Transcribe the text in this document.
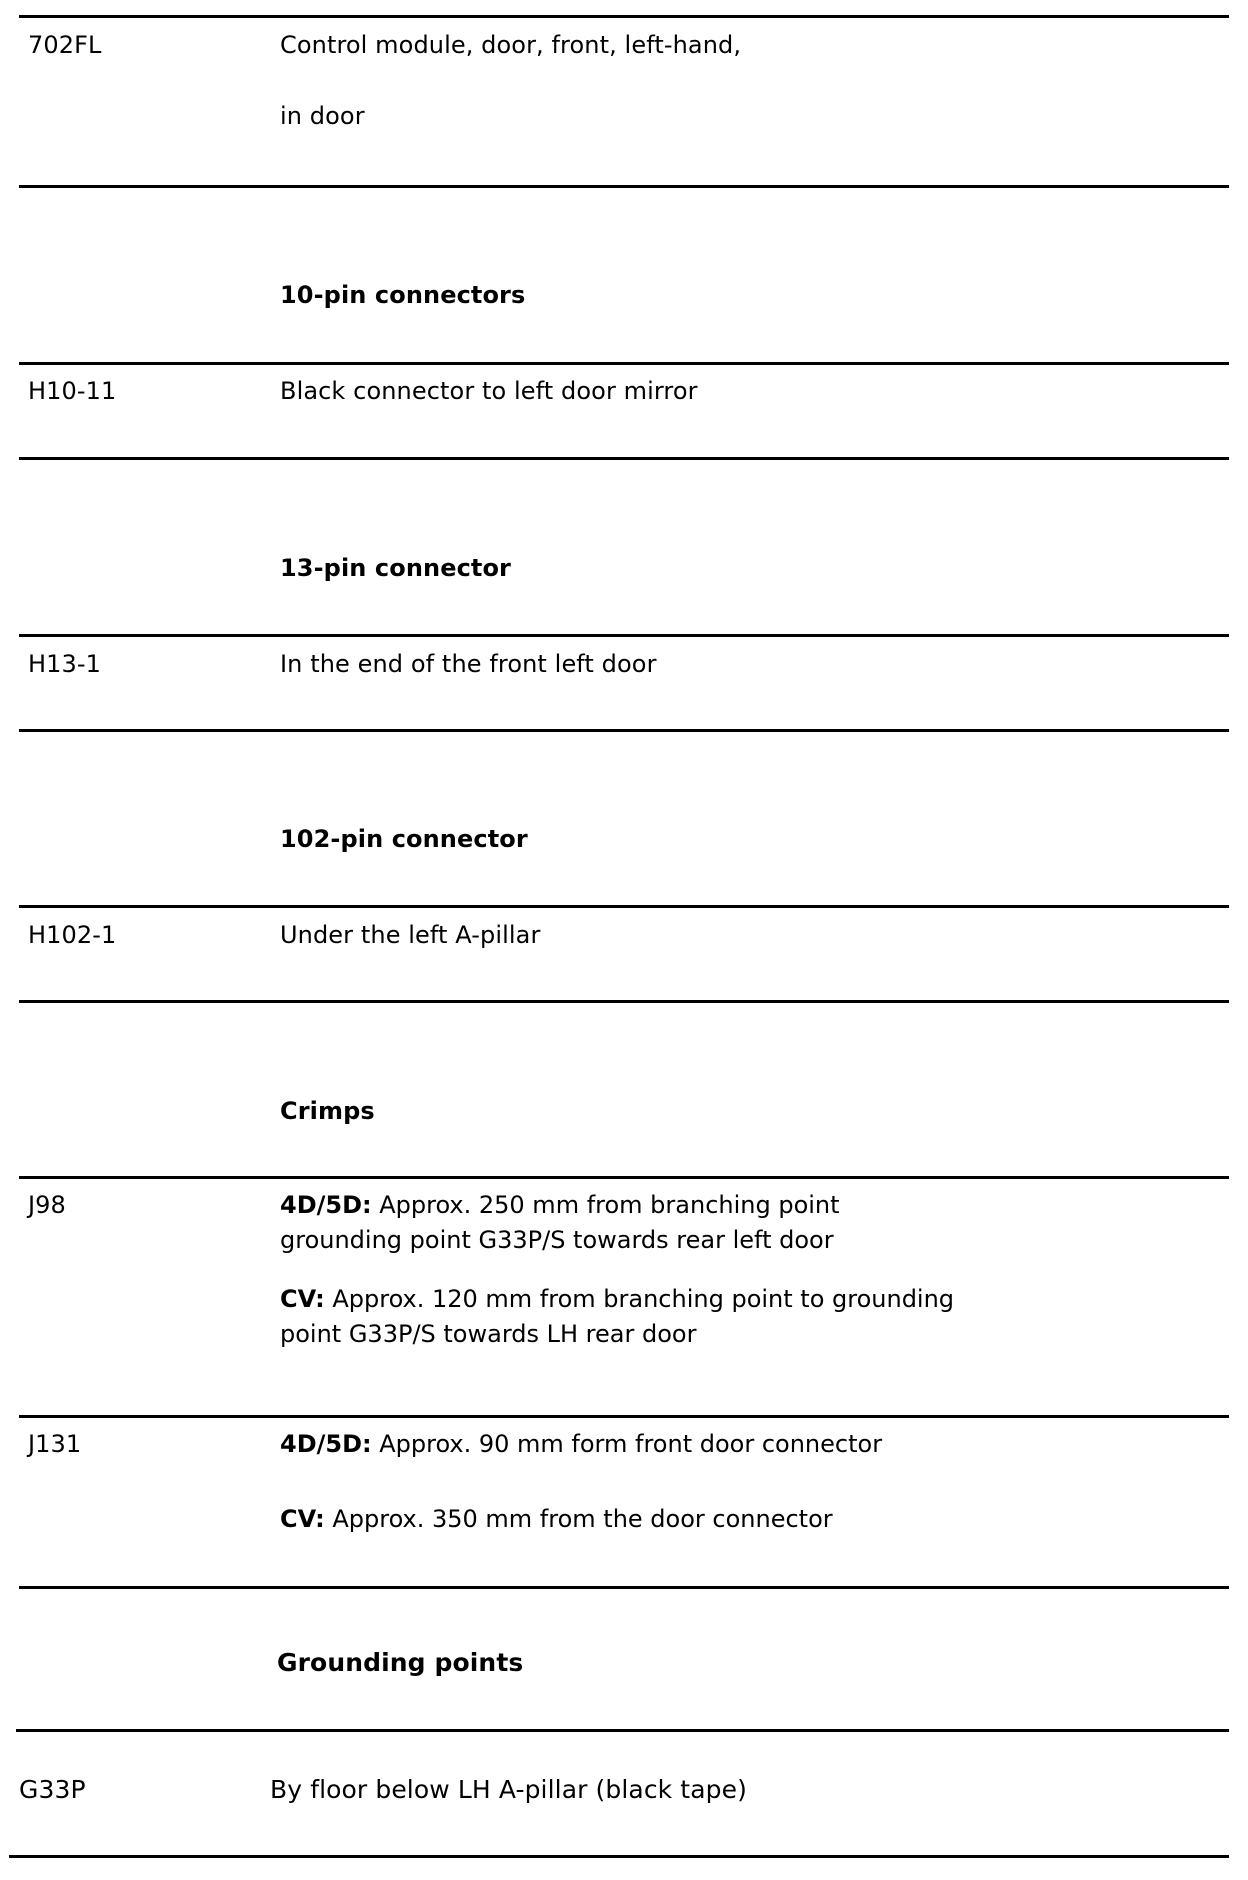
702FL	Control module, door, front, left-hand,
in door
10-pin connectors
H10-11	Black connector to left door mirror
13-pin connector
H13-1	In the end of the front left door
102-pin connector
H102-1	Under the left A-pillar
Crimps
J98	4D/5D: Approx. 250 mm from branching point
grounding point G33P/S towards rear left door
CV: Approx. 120 mm from branching point to grounding
point G33P/S towards LH rear door
J131	4D/5D: Approx. 90 mm form front door connector
CV: Approx. 350 mm from the door connector
Grounding points
G33P	By floor below LH A-pillar (black tape)
